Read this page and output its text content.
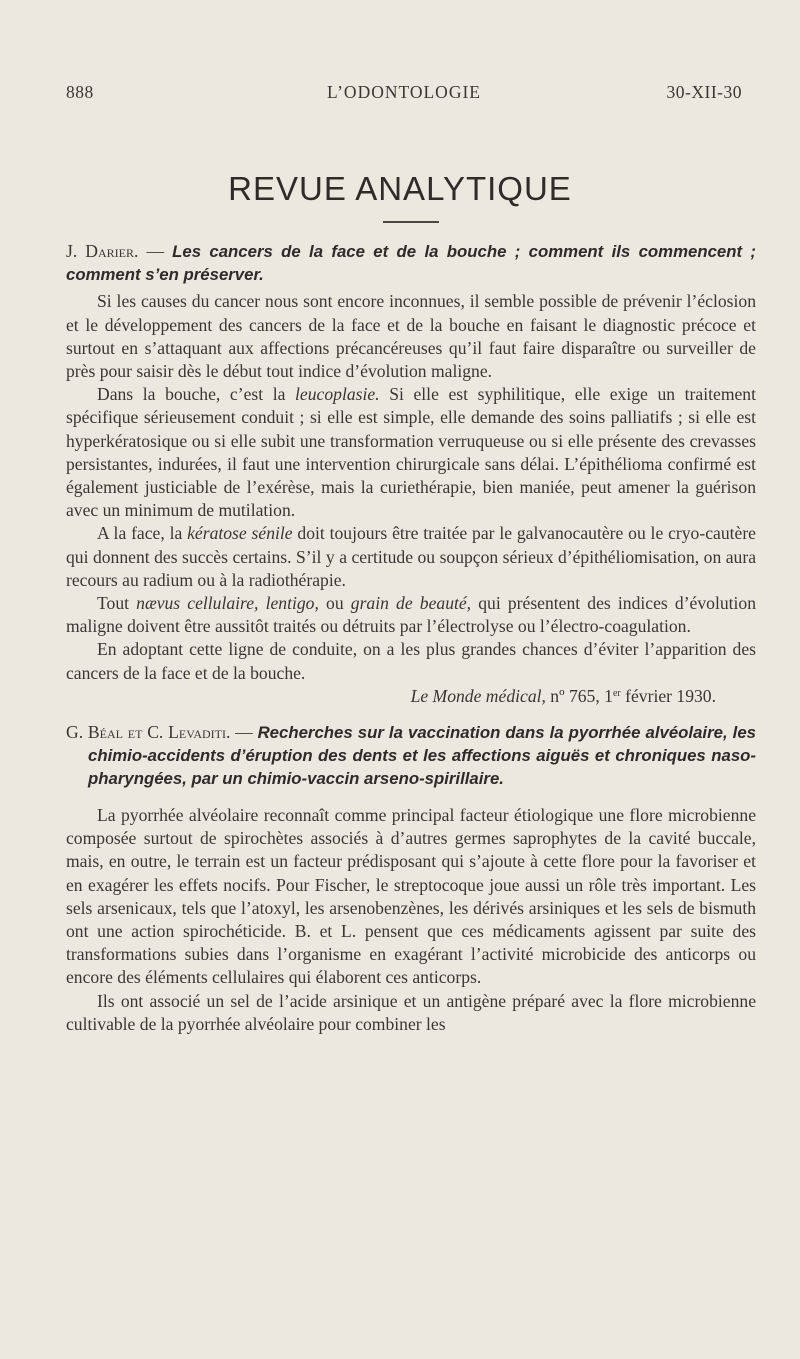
888	L’ODONTOLOGIE	30-XII-30
REVUE ANALYTIQUE

J. Darier. — Les cancers de la face et de la bouche ; comment ils commencent ; comment s’en préserver.

Si les causes du cancer nous sont encore inconnues, il semble possible de prévenir l’éclosion et le développement des cancers de la face et de la bouche en faisant le diagnostic précoce et surtout en s’attaquant aux affections précancéreuses qu’il faut faire disparaître ou surveiller de près pour saisir dès le début tout indice d’évolution maligne.

Dans la bouche, c’est la leucoplasie. Si elle est syphilitique, elle exige un traitement spécifique sérieusement conduit ; si elle est simple, elle demande des soins palliatifs ; si elle est hyperkératosique ou si elle subit une transformation verruqueuse ou si elle présente des crevasses persistantes, indurées, il faut une intervention chirurgicale sans délai. L’épithélioma confirmé est également justiciable de l’exérèse, mais la curiethérapie, bien maniée, peut amener la guérison avec un minimum de mutilation.

A la face, la kératose sénile doit toujours être traitée par le galvanocautère ou le cryo-cautère qui donnent des succès certains. S’il y a certitude ou soupçon sérieux d’épithéliomisation, on aura recours au radium ou à la radiothérapie.

Tout nævus cellulaire, lentigo, ou grain de beauté, qui présentent des indices d’évolution maligne doivent être aussitôt traités ou détruits par l’électrolyse ou l’électro-coagulation.

En adoptant cette ligne de conduite, on a les plus grandes chances d’éviter l’apparition des cancers de la face et de la bouche.

Le Monde médical, nº 765, 1er février 1930.

G. Béal et C. Levaditi. — Recherches sur la vaccination dans la pyorrhée alvéolaire, les chimio-accidents d’éruption des dents et les affections aiguës et chroniques naso-pharyngées, par un chimio-vaccin arseno-spirillaire.

La pyorrhée alvéolaire reconnaît comme principal facteur étiologique une flore microbienne composée surtout de spirochètes associés à d’autres germes saprophytes de la cavité buccale, mais, en outre, le terrain est un facteur prédisposant qui s’ajoute à cette flore pour la favoriser et en exagérer les effets nocifs. Pour Fischer, le streptocoque joue aussi un rôle très important. Les sels arsenicaux, tels que l’atoxyl, les arsenobenzènes, les dérivés arsiniques et les sels de bismuth ont une action spirochéticide. B. et L. pensent que ces médicaments agissent par suite des transformations subies dans l’organisme en exagérant l’activité microbicide des anticorps ou encore des éléments cellulaires qui élaborent ces anticorps.

Ils ont associé un sel de l’acide arsinique et un antigène préparé avec la flore microbienne cultivable de la pyorrhée alvéolaire pour combiner les
